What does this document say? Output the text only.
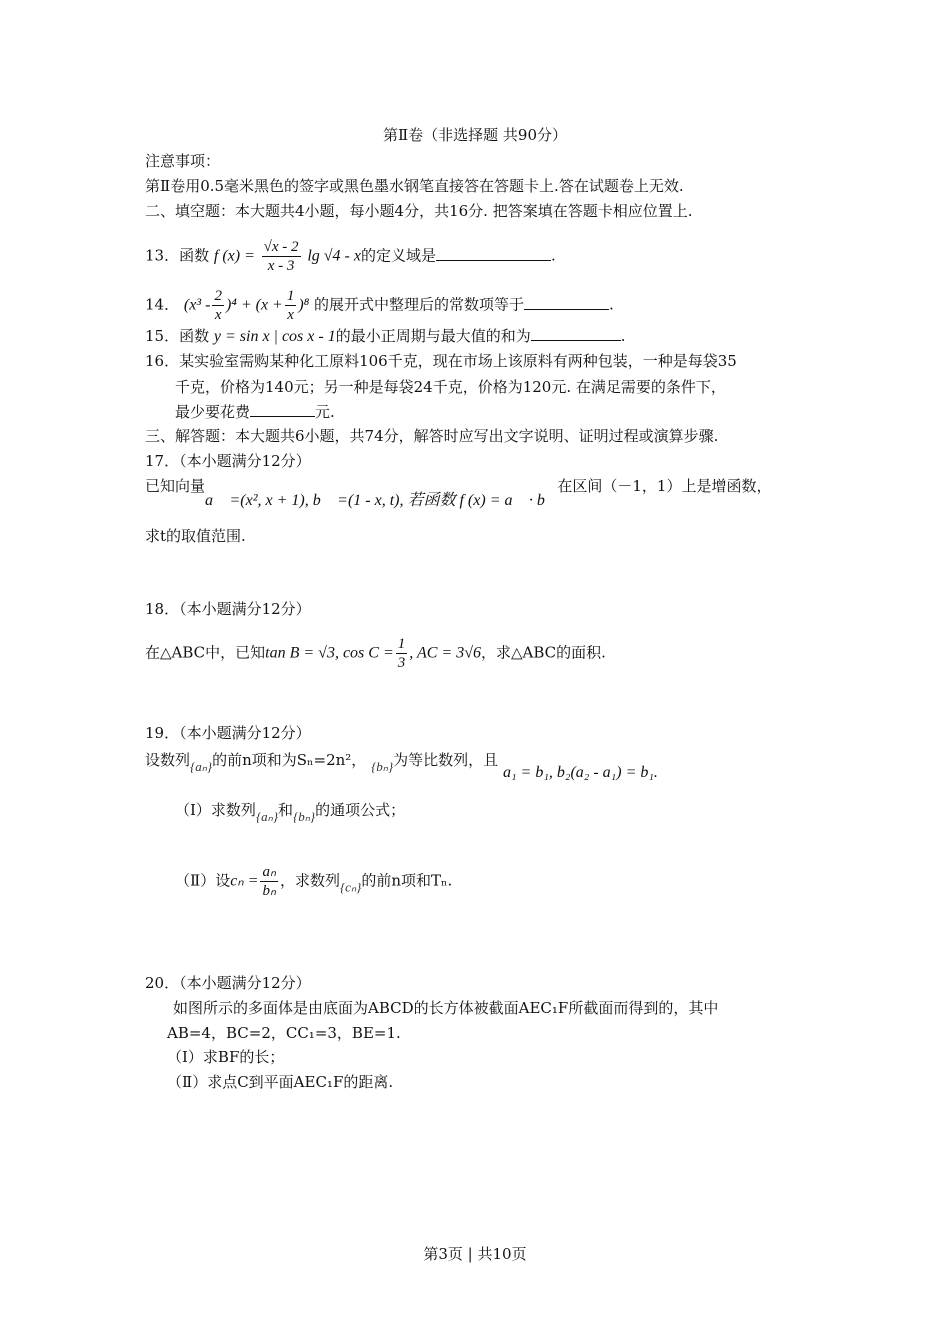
第Ⅱ卷（非选择题 共90分）
注意事项：
第Ⅱ卷用0.5毫米黑色的签字或黑色墨水钢笔直接答在答题卡上.答在试题卷上无效.
二、填空题：本大题共4小题，每小题4分，共16分. 把答案填在答题卡相应位置上.
13．函数 f $(x) = \frac{√x - 2}{x - 3}$ lg √4 - x的定义域是	.
14． $(x^3 - \frac{2}{x} )^4 + (x + \frac{1}{x} )^8$ 的展开式中整理后的常数项等于	.
15．函数 y = sin x | cos x - 1的最小正周期与最大值的和为	.
16．某实验室需购某种化工原料106千克，现在市场上该原料有两种包装，一种是每袋35
千克，价格为140元；另一种是每袋24千克，价格为120元. 在满足需要的条件下，
最少要花费	元.
三、解答题：本大题共6小题，共74分，解答时应写出文字说明、证明过程或演算步骤.
17．（本小题满分12分）
已知向量a⃗ =(x², x + 1), b⃗ =(1 - x, t), 若函数 f (x) = a⃗ · b⃗在区间（－1，1）上是增函数，
求t的取值范围.
18．（本小题满分12分）
在△ABC中，已知tan B = √3, $\cos C = \frac{1}{3}$ , AC = 3√6，求△ABC的面积.
19．（本小题满分12分）
设数列{aₙ}的前n项和为Sₙ=2n²， {bₙ}为等比数列，且 a₁ = b₁, b₂(a₂ - a₁) = b₁.
（Ⅰ）求数列{aₙ}和{bₙ}的通项公式；
（Ⅱ）设$c_n = \frac{\text{aₙ}}{\text{bₙ}}$ ，求数列{cₙ}的前n项和Tₙ.
20．（本小题满分12分）
如图所示的多面体是由底面为ABCD的长方体被截面AEC₁F所截面而得到的，其中
AB=4，BC=2，CC₁=3，BE=1.
（Ⅰ）求BF的长；
（Ⅱ）求点C到平面AEC₁F的距离.
第3页 | 共10页
